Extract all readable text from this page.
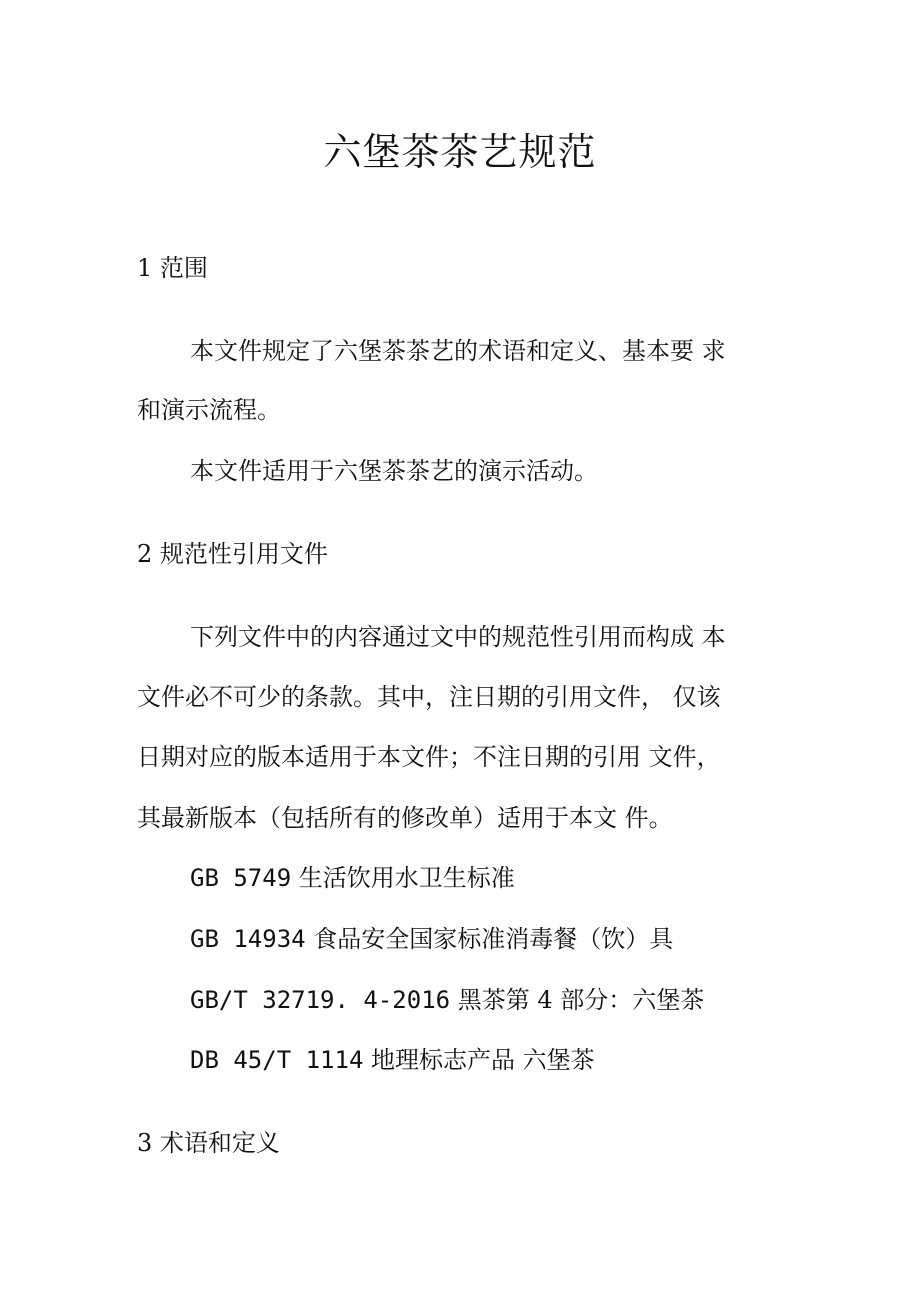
六堡茶茶艺规范
1 范围
本文件规定了六堡茶茶艺的术语和定义、基本要 求
和演示流程。
本文件适用于六堡茶茶艺的演示活动。
2 规范性引用文件
下列文件中的内容通过文中的规范性引用而构成 本
文件必不可少的条款。其中，注日期的引用文件， 仅该
日期对应的版本适用于本文件；不注日期的引用 文件，
其最新版本（包括所有的修改单）适用于本文 件。
GB 5749 生活饮用水卫生标准
GB 14934 食品安全国家标准消毒餐（饮）具
GB/T 32719. 4-2016 黑茶第 4 部分：六堡茶
DB 45/T 1114 地理标志产品 六堡茶
3 术语和定义
